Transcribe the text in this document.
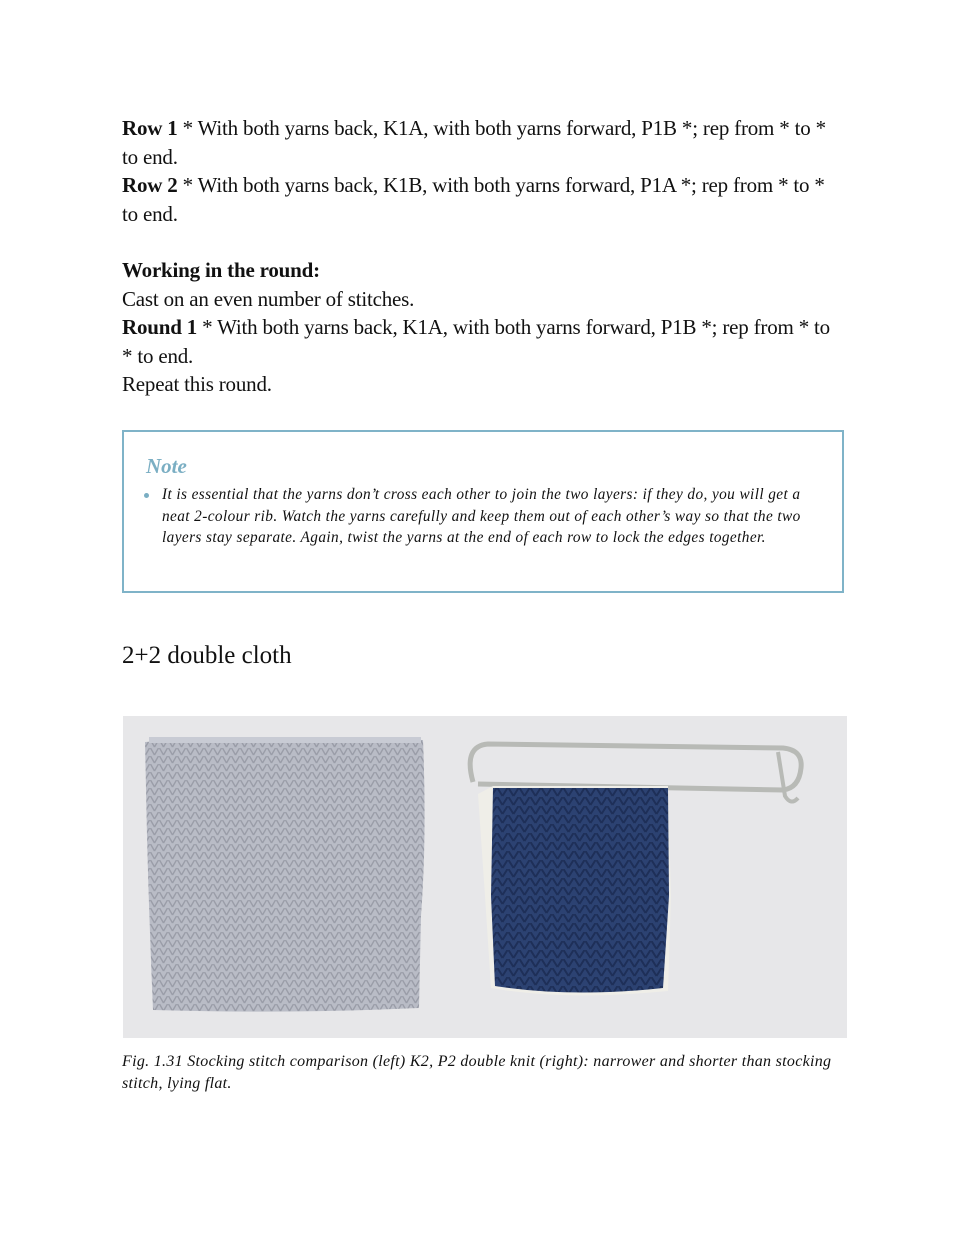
Row 1 * With both yarns back, K1A, with both yarns forward, P1B *; rep from * to * to end.

Row 2 * With both yarns back, K1B, with both yarns forward, P1A *; rep from * to * to end.

Working in the round:

Cast on an even number of stitches.

Round 1 * With both yarns back, K1A, with both yarns forward, P1B *; rep from * to * to end.

Repeat this round.

Note
It is essential that the yarns don’t cross each other to join the two layers: if they do, you will get a neat 2-colour rib. Watch the yarns carefully and keep them out of each other’s way so that the two layers stay separate. Again, twist the yarns at the end of each row to lock the edges together.
2+2 double cloth
Fig. 1.31 Stocking stitch comparison (left) K2, P2 double knit (right): narrower and shorter than stocking stitch, lying flat.
